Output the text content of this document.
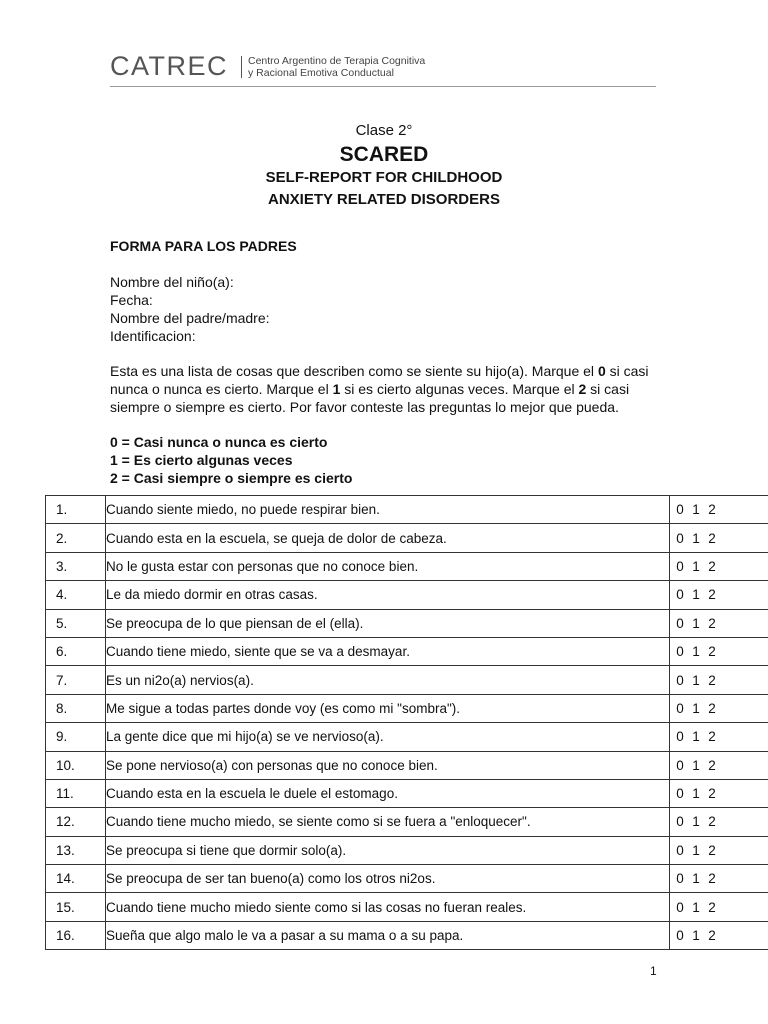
CATREC Centro Argentino de Terapia Cognitiva
y Racional Emotiva Conductual
Clase 2°
SCARED
SELF-REPORT FOR CHILDHOOD
ANXIETY RELATED DISORDERS
FORMA PARA LOS PADRES
Nombre del niño(a):
Fecha:
Nombre del padre/madre:
Identificacion:
Esta es una lista de cosas que describen como se siente su hijo(a). Marque el 0 si casi nunca o nunca es cierto. Marque el 1 si es cierto algunas veces. Marque el 2 si casi siempre o siempre es cierto. Por favor conteste las preguntas lo mejor que pueda.
0 = Casi nunca o nunca es cierto
1 = Es cierto algunas veces
2 = Casi siempre o siempre es cierto
1.	Cuando siente miedo, no puede respirar bien.	0 1 2

2.	Cuando esta en la escuela, se queja de dolor de cabeza.	0 1 2

3.	No le gusta estar con personas que no conoce bien.	0 1 2

4.	Le da miedo dormir en otras casas.	0 1 2

5.	Se preocupa de lo que piensan de el (ella).	0 1 2

6.	Cuando tiene miedo, siente que se va a desmayar.	0 1 2

7.	Es un ni2o(a) nervios(a).	0 1 2

8.	Me sigue a todas partes donde voy (es como mi "sombra").	0 1 2

9.	La gente dice que mi hijo(a) se ve nervioso(a).	0 1 2

10.	Se pone nervioso(a) con personas que no conoce bien.	0 1 2

11.	Cuando esta en la escuela le duele el estomago.	0 1 2

12.	Cuando tiene mucho miedo, se siente como si se fuera a "enloquecer".	0 1 2

13.	Se preocupa si tiene que dormir solo(a).	0 1 2

14.	Se preocupa de ser tan bueno(a) como los otros ni2os.	0 1 2

15.	Cuando tiene mucho miedo siente como si las cosas no fueran reales.	0 1 2

16.	Sueña que algo malo le va a pasar a su mama o a su papa.	0 1 2
1
